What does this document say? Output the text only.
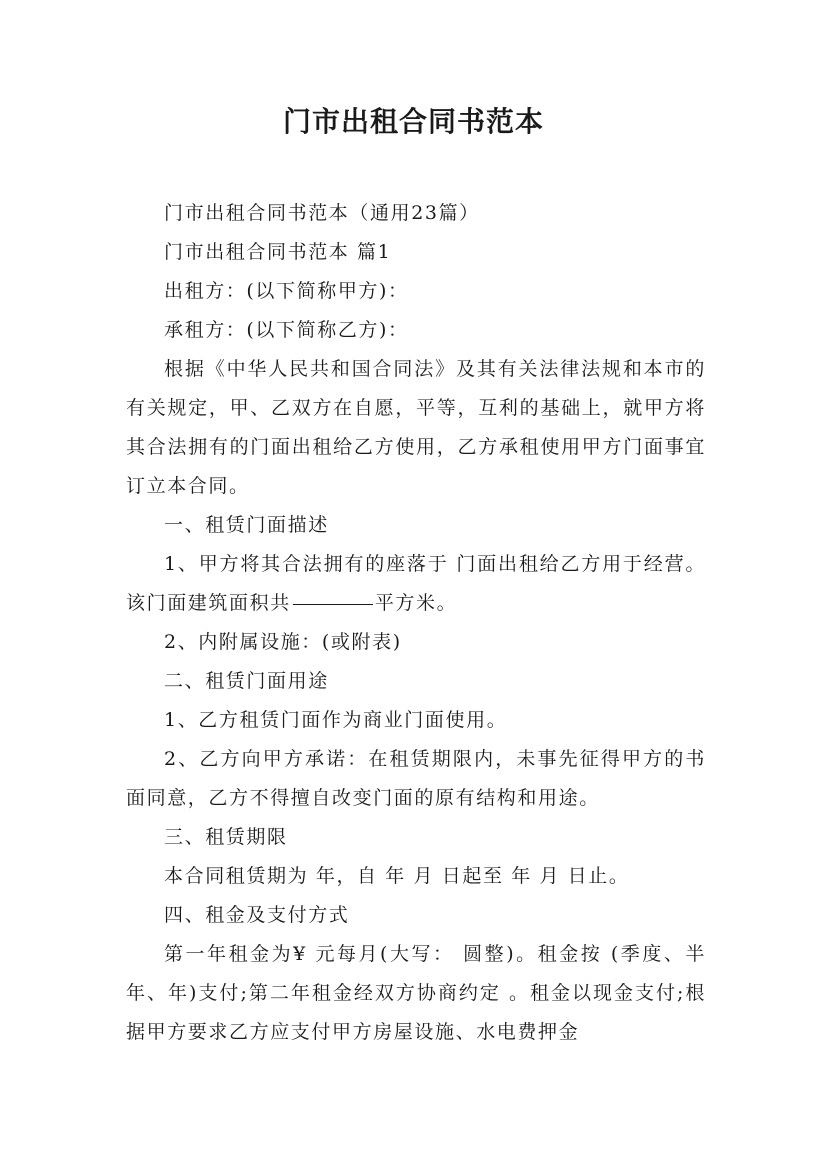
门市出租合同书范本

门市出租合同书范本（通用23篇）

门市出租合同书范本 篇1

出租方：(以下简称甲方)：

承租方：(以下简称乙方)：

根据《中华人民共和国合同法》及其有关法律法规和本市的有关规定，甲、乙双方在自愿，平等，互利的基础上，就甲方将其合法拥有的门面出租给乙方使用，乙方承租使用甲方门面事宜订立本合同。

一、租赁门面描述

1、甲方将其合法拥有的座落于 门面出租给乙方用于经营。该门面建筑面积共	平方米。

2、内附属设施：(或附表)

二、租赁门面用途

1、乙方租赁门面作为商业门面使用。

2、乙方向甲方承诺：在租赁期限内，未事先征得甲方的书面同意，乙方不得擅自改变门面的原有结构和用途。

三、租赁期限

本合同租赁期为 年，自 年 月 日起至 年 月 日止。

四、租金及支付方式

第一年租金为¥ 元每月(大写： 圆整)。租金按 (季度、半年、年)支付;第二年租金经双方协商约定 。租金以现金支付;根据甲方要求乙方应支付甲方房屋设施、水电费押金
